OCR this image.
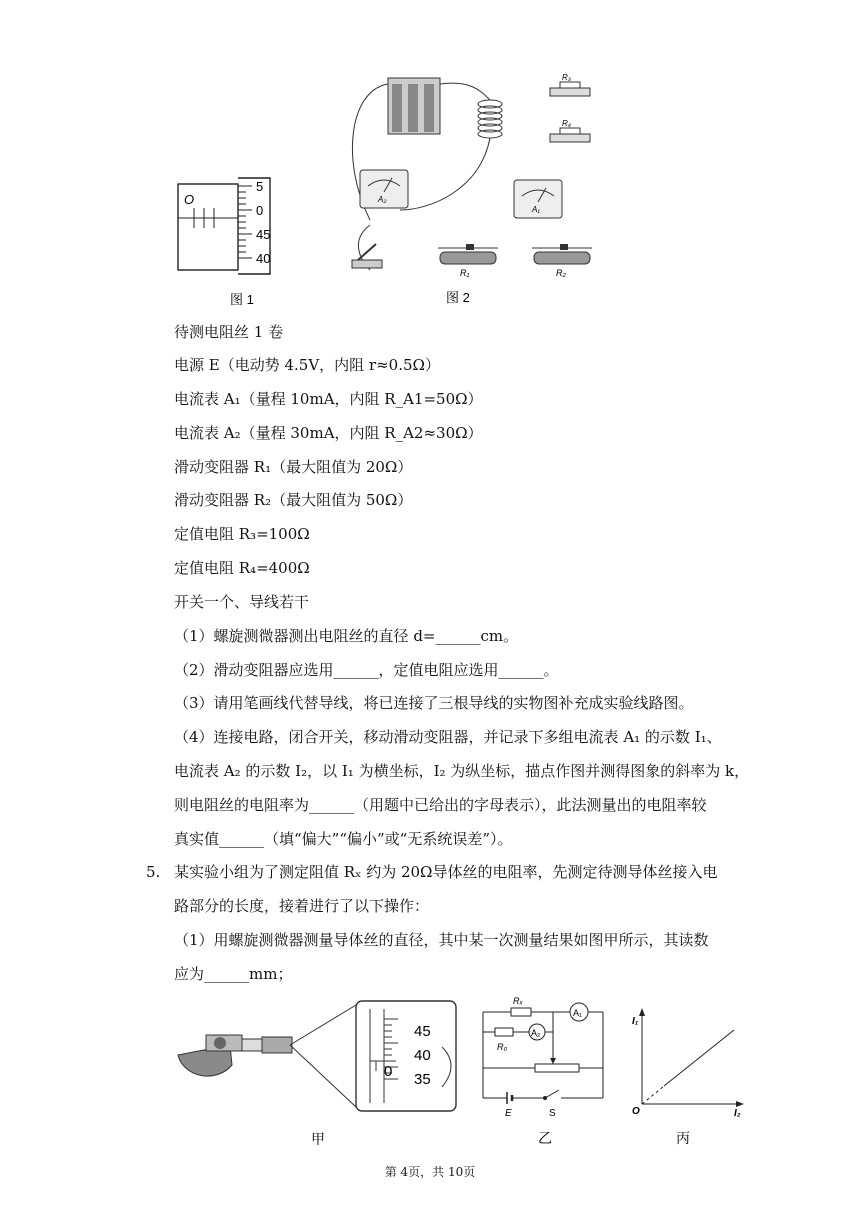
5
0
45
40
O
图 1
R₃
R₄
A₂
A₁
R₁	R₂
图 2
待测电阻丝 1 卷
电源 E（电动势 4.5V，内阻 r≈0.5Ω）
电流表 A₁（量程 10mA，内阻 R_A1=50Ω）
电流表 A₂（量程 30mA，内阻 R_A2≈30Ω）
滑动变阻器 R₁（最大阻值为 20Ω）
滑动变阻器 R₂（最大阻值为 50Ω）
定值电阻 R₃=100Ω
定值电阻 R₄=400Ω
开关一个、导线若干
（1）螺旋测微器测出电阻丝的直径 d=______cm。
（2）滑动变阻器应选用______，定值电阻应选用______。
（3）请用笔画线代替导线，将已连接了三根导线的实物图补充成实验线路图。
（4）连接电路，闭合开关，移动滑动变阻器，并记录下多组电流表 A₁ 的示数 I₁、
电流表 A₂ 的示数 I₂，以 I₁ 为横坐标，I₂ 为纵坐标，描点作图并测得图象的斜率为 k，
则电阻丝的电阻率为______（用题中已给出的字母表示），此法测量出的电阻率较
真实值______（填“偏大”“偏小”或“无系统误差”）。
5. 某实验小组为了测定阻值 Rₓ 约为 20Ω导体丝的电阻率，先测定待测导体丝接入电
路部分的长度，接着进行了以下操作：
（1）用螺旋测微器测量导体丝的直径，其中某一次测量结果如图甲所示，其读数
应为______mm；
45
40
0 35
甲
Rₓ
A₁
A₂
R₀
E	S
乙
I₁
I₂
O
丙
第 4页，共 10页
